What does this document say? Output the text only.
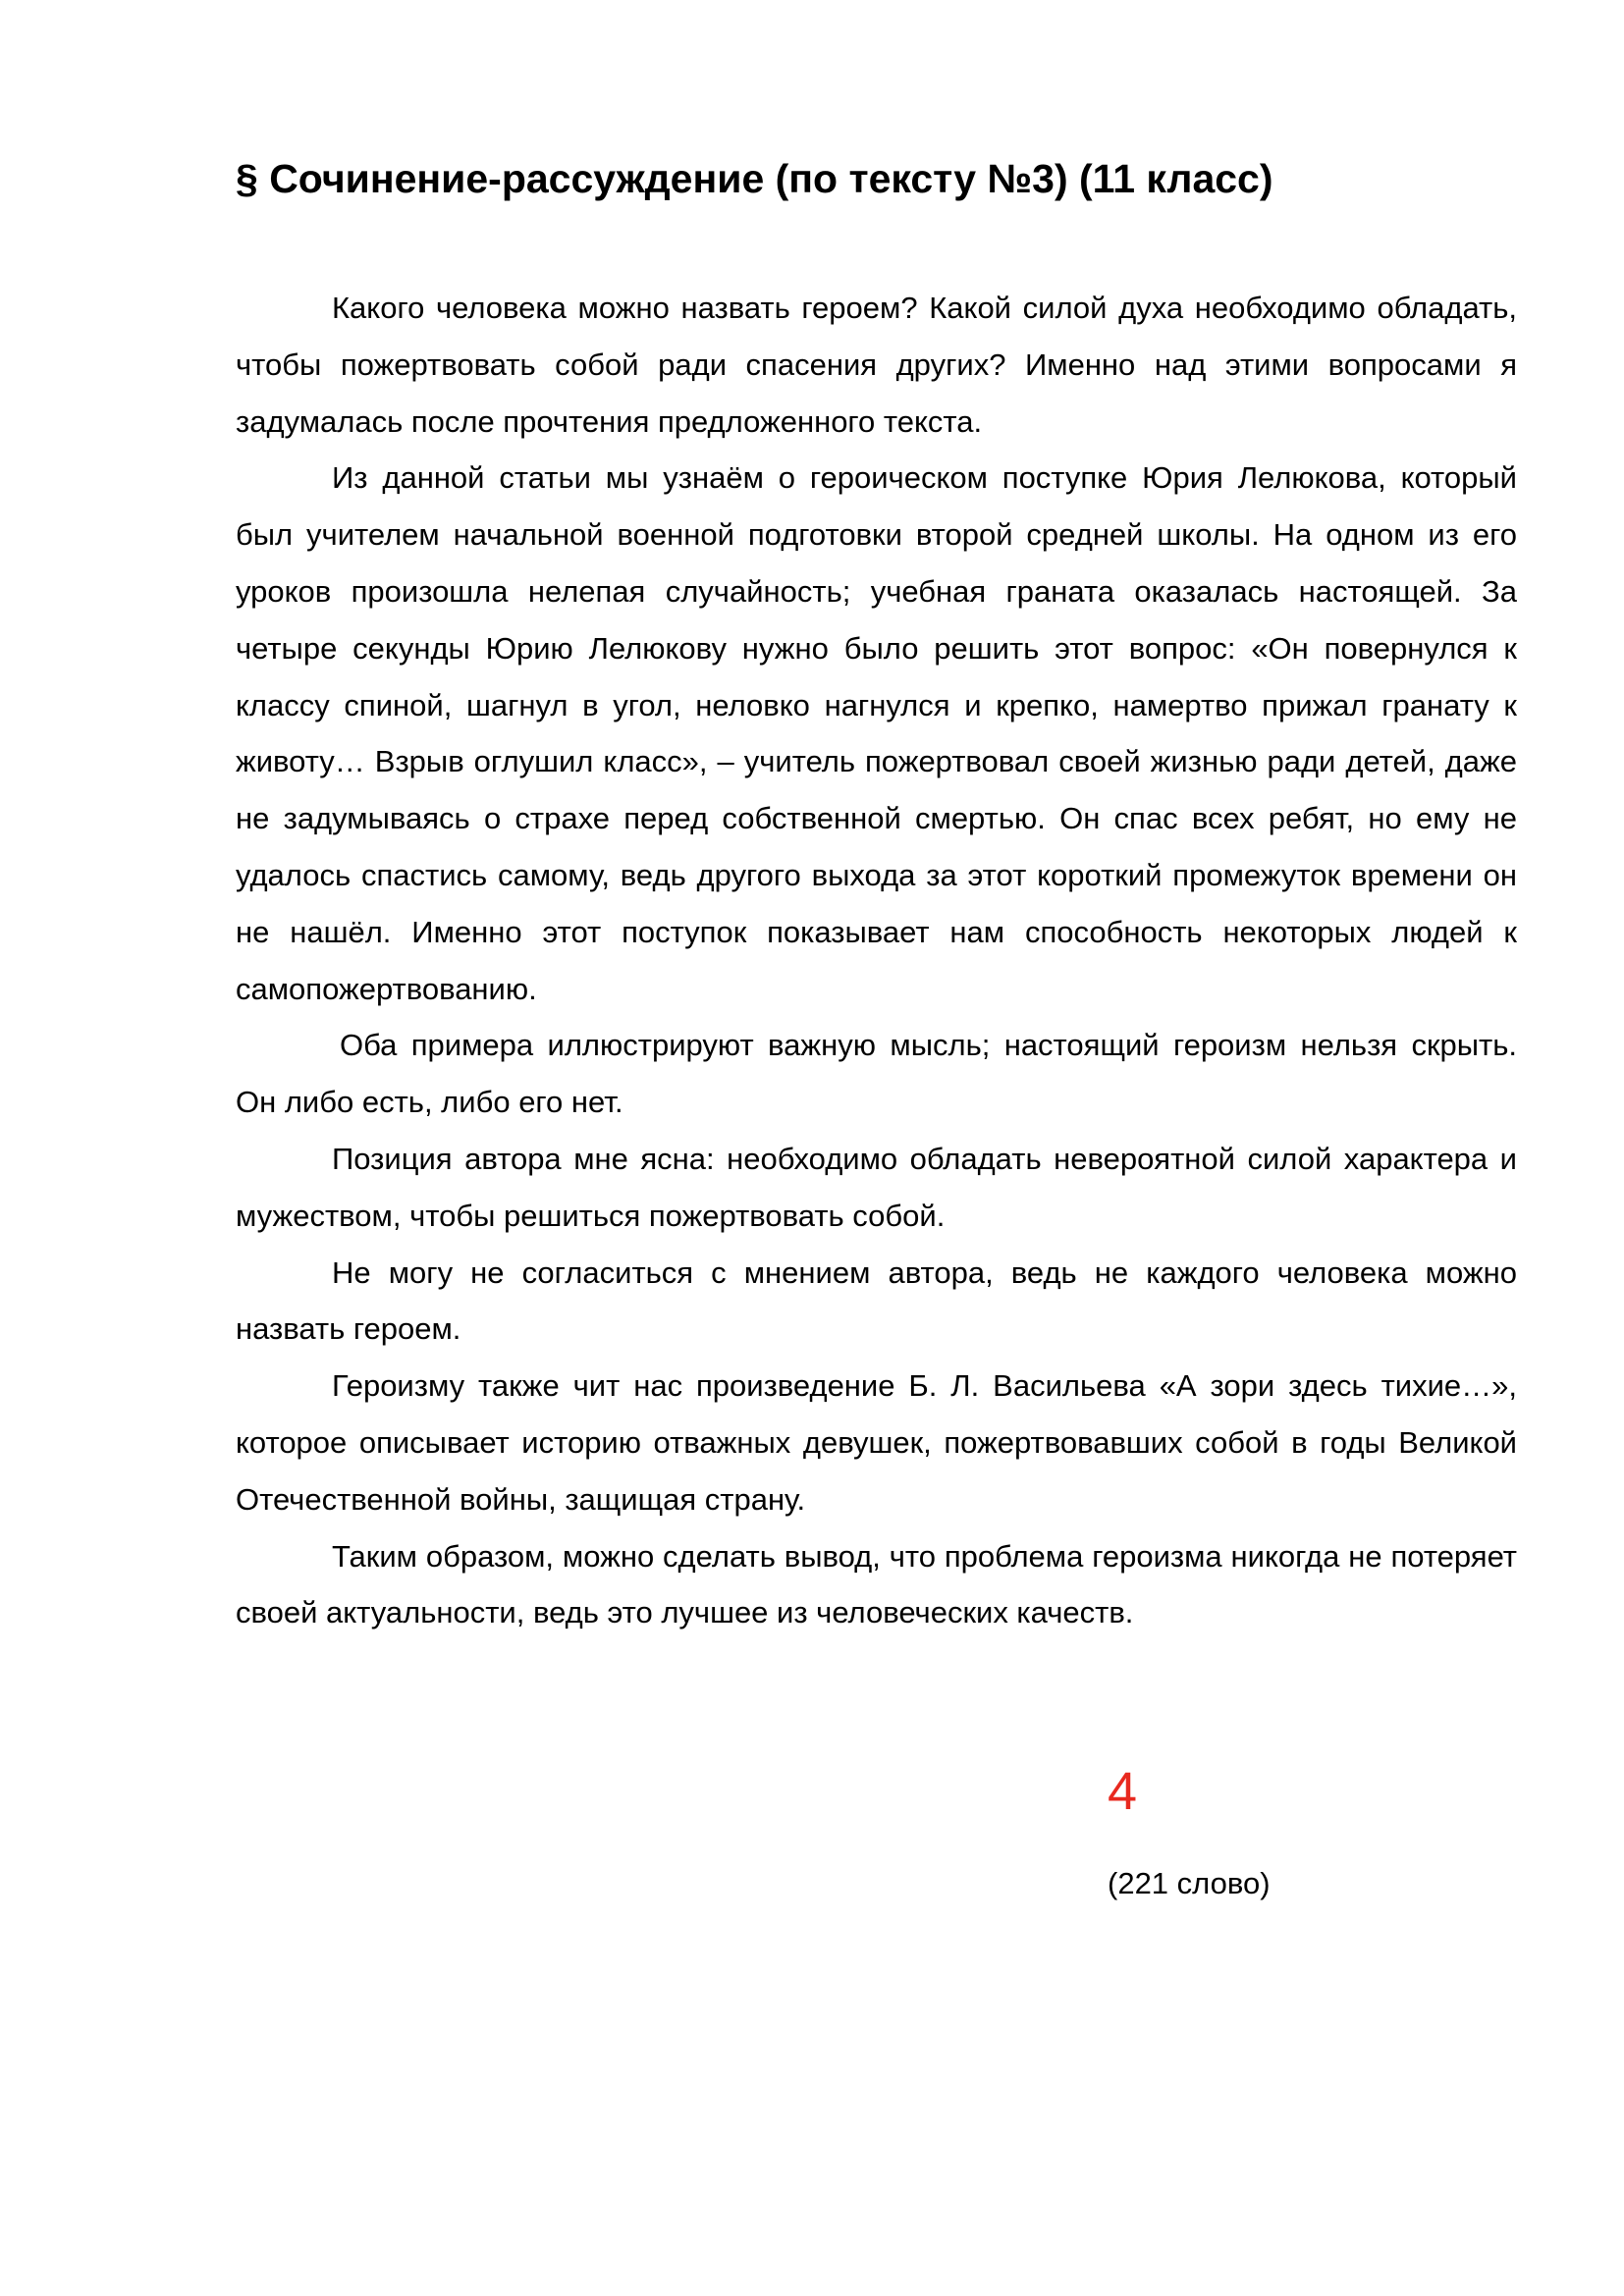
§ Сочинение-рассуждение (по тексту №3) (11 класс)

Какого человека можно назвать героем? Какой силой духа необходимо обладать, чтобы пожертвовать собой ради спасения других? Именно над этими вопросами я задумалась после прочтения предложенного текста.

Из данной статьи мы узнаём о героическом поступке Юрия Лелюкова, который был учителем начальной военной подготовки второй средней школы. На одном из его уроков произошла нелепая случайность; учебная граната оказалась настоящей. За четыре секунды Юрию Лелюкову нужно было решить этот вопрос: «Он повернулся к классу спиной, шагнул в угол, неловко нагнулся и крепко, намертво прижал гранату к животу… Взрыв оглушил класс», – учитель пожертвовал своей жизнью ради детей, даже не задумываясь о страхе перед собственной смертью. Он спас всех ребят, но ему не удалось спастись самому, ведь другого выхода за этот короткий промежуток времени он не нашёл. Именно этот поступок показывает нам способность некоторых людей к самопожертвованию.

Оба примера иллюстрируют важную мысль; настоящий героизм нельзя скрыть. Он либо есть, либо его нет.

Позиция автора мне ясна: необходимо обладать невероятной силой характера и мужеством, чтобы решиться пожертвовать собой.

Не могу не согласиться с мнением автора, ведь не каждого человека можно назвать героем.

Героизму также чит нас произведение Б. Л. Васильева «А зори здесь тихие…», которое описывает историю отважных девушек, пожертвовавших собой в годы Великой Отечественной войны, защищая страну.

Таким образом, можно сделать вывод, что проблема героизма никогда не потеряет своей актуальности, ведь это лучшее из человеческих качеств.

4
(221 слово)
